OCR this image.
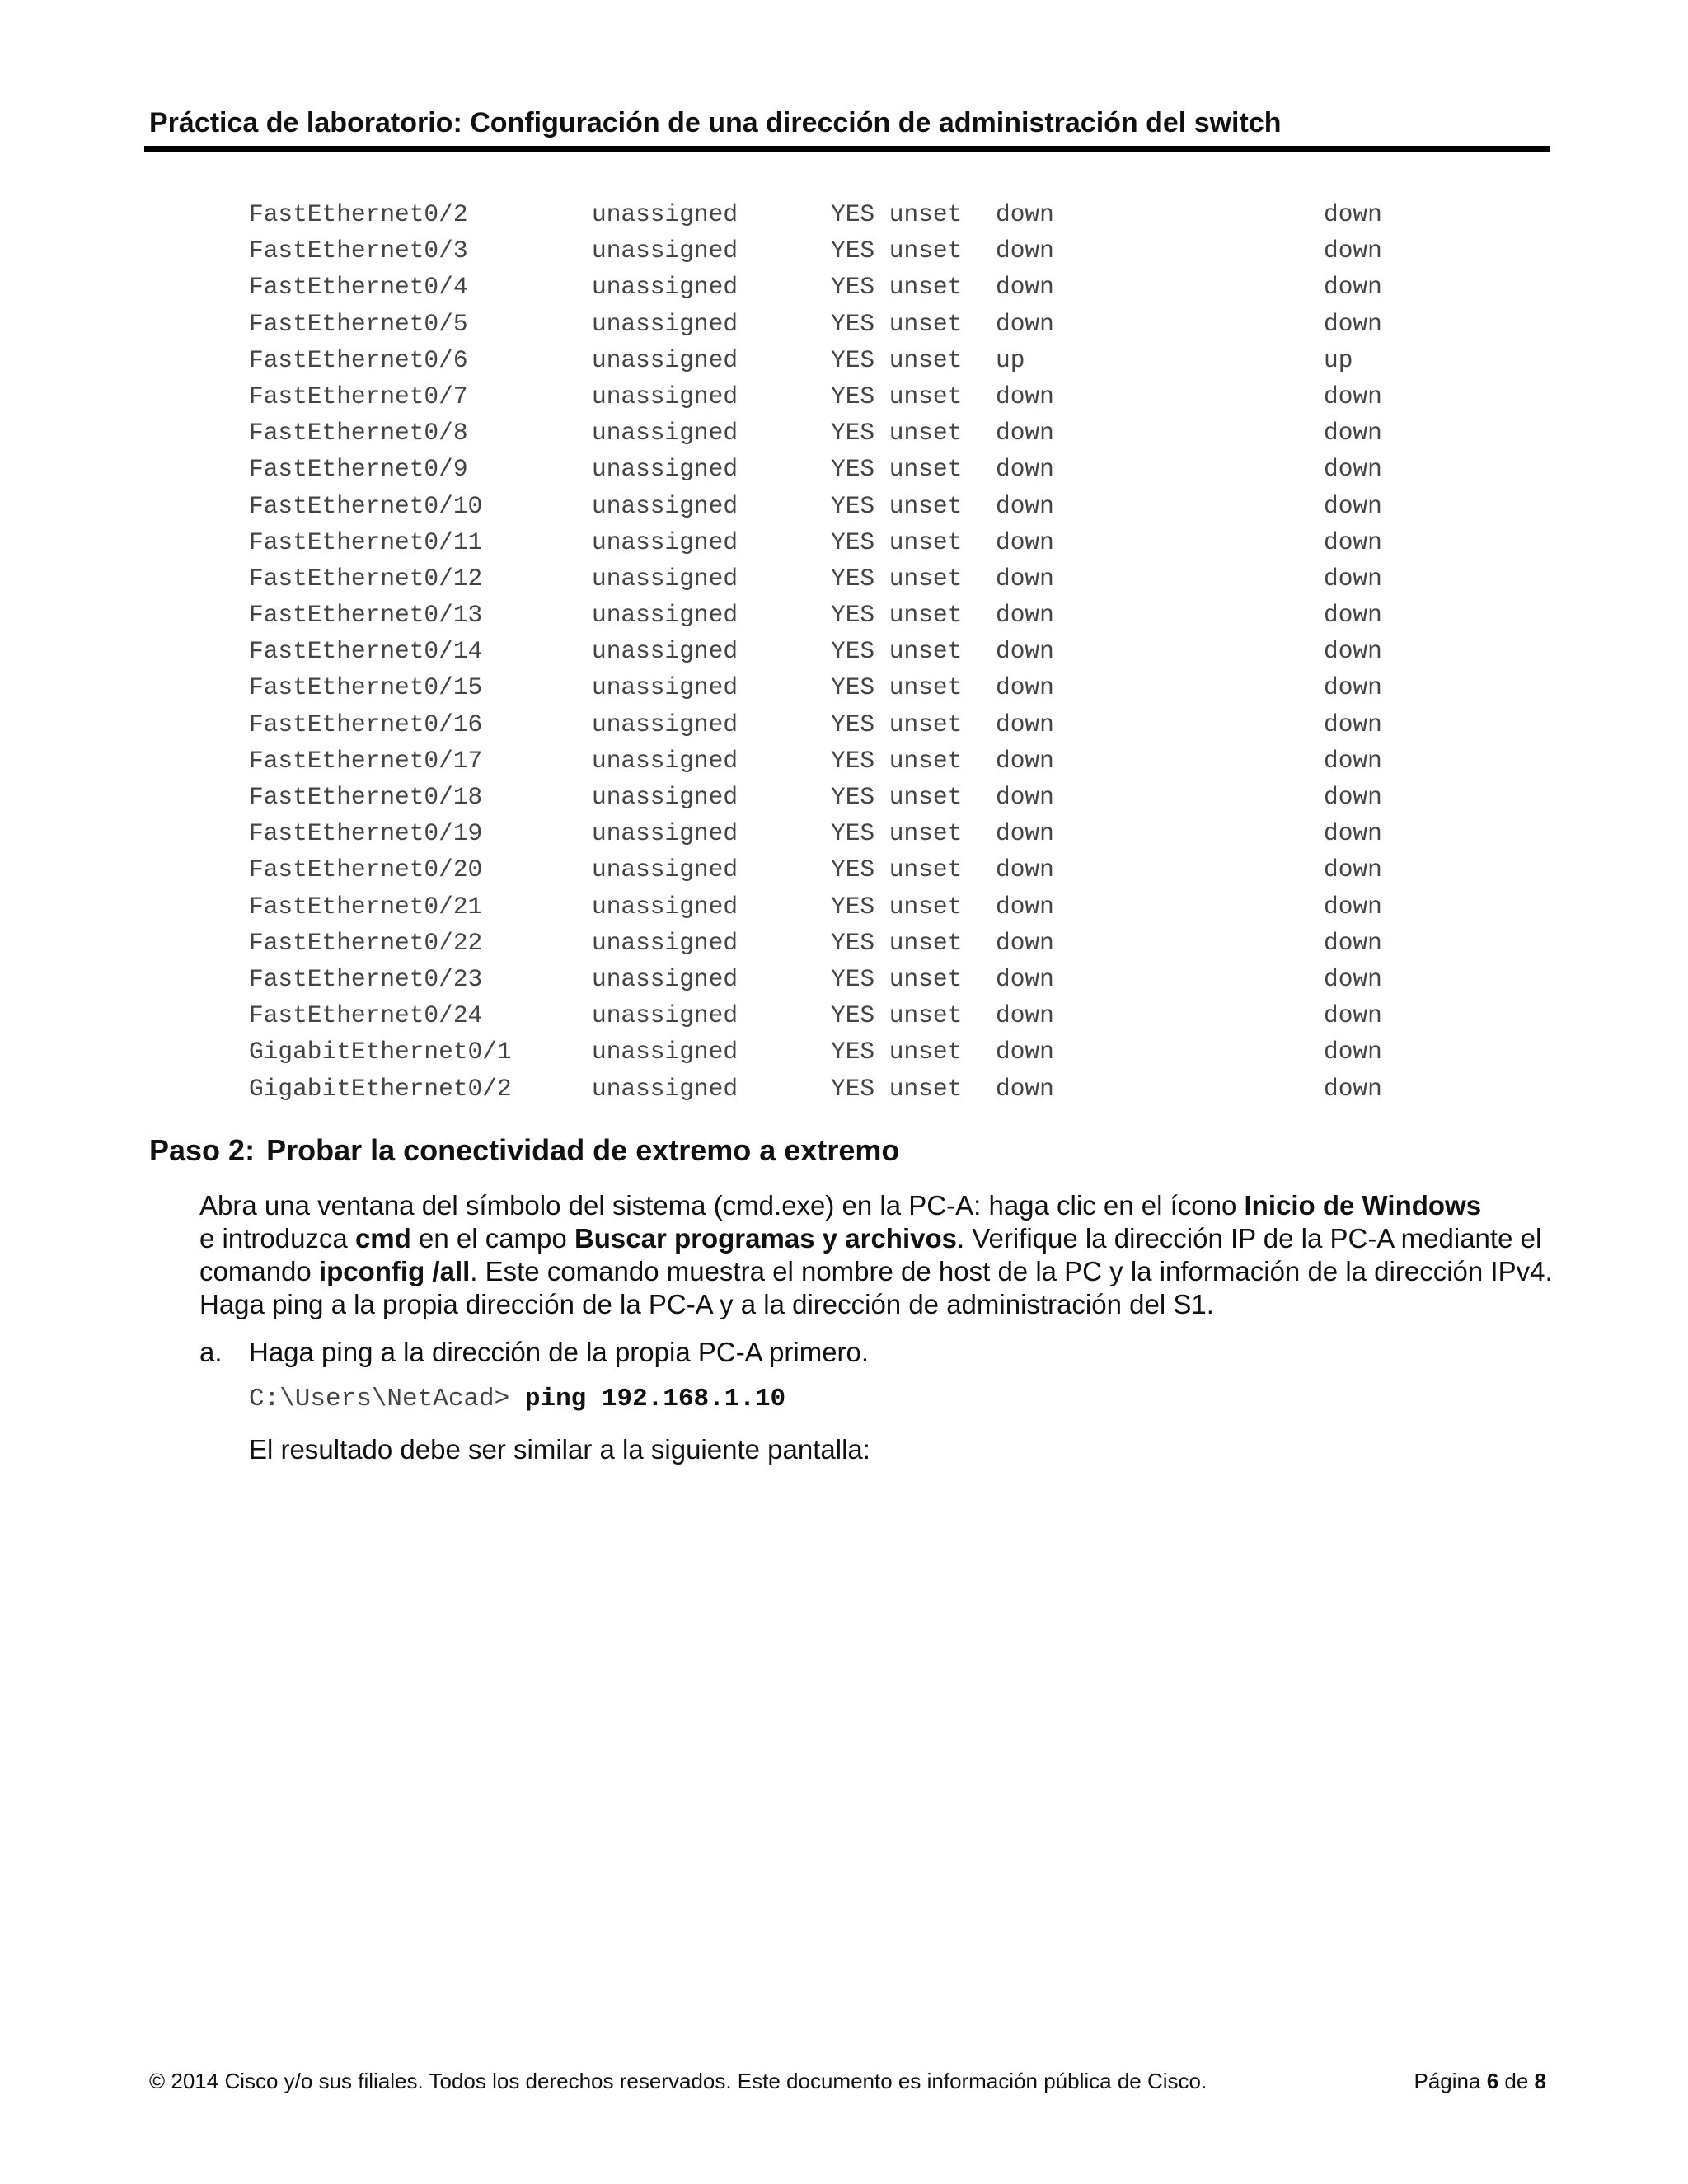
Práctica de laboratorio: Configuración de una dirección de administración del switch
FastEthernet0/2	unassigned	YES unset down	down
FastEthernet0/3	unassigned	YES unset down	down
FastEthernet0/4	unassigned	YES unset down	down
FastEthernet0/5	unassigned	YES unset down	down
FastEthernet0/6	unassigned	YES unset up	up
FastEthernet0/7	unassigned	YES unset down	down
FastEthernet0/8	unassigned	YES unset down	down
FastEthernet0/9	unassigned	YES unset down	down
FastEthernet0/10	unassigned	YES unset down	down
FastEthernet0/11	unassigned	YES unset down	down
FastEthernet0/12	unassigned	YES unset down	down
FastEthernet0/13	unassigned	YES unset down	down
FastEthernet0/14	unassigned	YES unset down	down
FastEthernet0/15	unassigned	YES unset down	down
FastEthernet0/16	unassigned	YES unset down	down
FastEthernet0/17	unassigned	YES unset down	down
FastEthernet0/18	unassigned	YES unset down	down
FastEthernet0/19	unassigned	YES unset down	down
FastEthernet0/20	unassigned	YES unset down	down
FastEthernet0/21	unassigned	YES unset down	down
FastEthernet0/22	unassigned	YES unset down	down
FastEthernet0/23	unassigned	YES unset down	down
FastEthernet0/24	unassigned	YES unset down	down
GigabitEthernet0/1	unassigned	YES unset down	down
GigabitEthernet0/2	unassigned	YES unset down	down
Paso 2: Probar la conectividad de extremo a extremo
Abra una ventana del símbolo del sistema (cmd.exe) en la PC-A: haga clic en el ícono Inicio de Windows
e introduzca cmd en el campo Buscar programas y archivos. Verifique la dirección IP de la PC-A mediante el comando ipconfig /all. Este comando muestra el nombre de host de la PC y la información de la dirección IPv4. Haga ping a la propia dirección de la PC-A y a la dirección de administración del S1.
a. Haga ping a la dirección de la propia PC-A primero.
C:\Users\NetAcad> ping 192.168.1.10
El resultado debe ser similar a la siguiente pantalla:
© 2014 Cisco y/o sus filiales. Todos los derechos reservados. Este documento es información pública de Cisco.	Página 6 de 8
